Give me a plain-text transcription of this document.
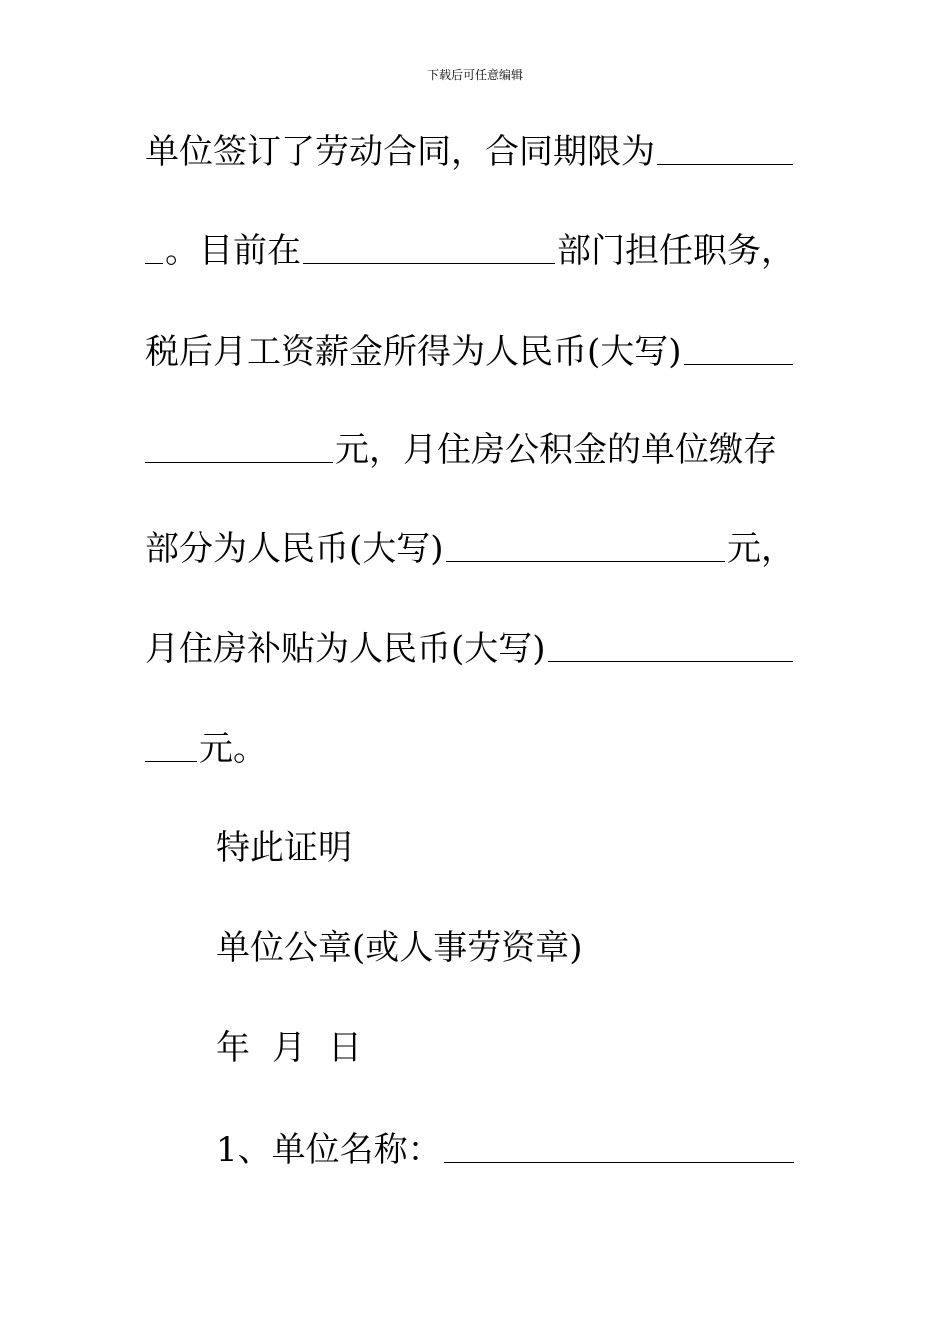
下载后可任意编辑
单位签订了劳动合同，合同期限为
。目前在	部门担任职务，
税后月工资薪金所得为人民币(大写)
元，月住房公积金的单位缴存
部分为人民币(大写)	元，
月住房补贴为人民币(大写)
元。
特此证明
单位公章(或人事劳资章)
年 月 日
1、单位名称：
